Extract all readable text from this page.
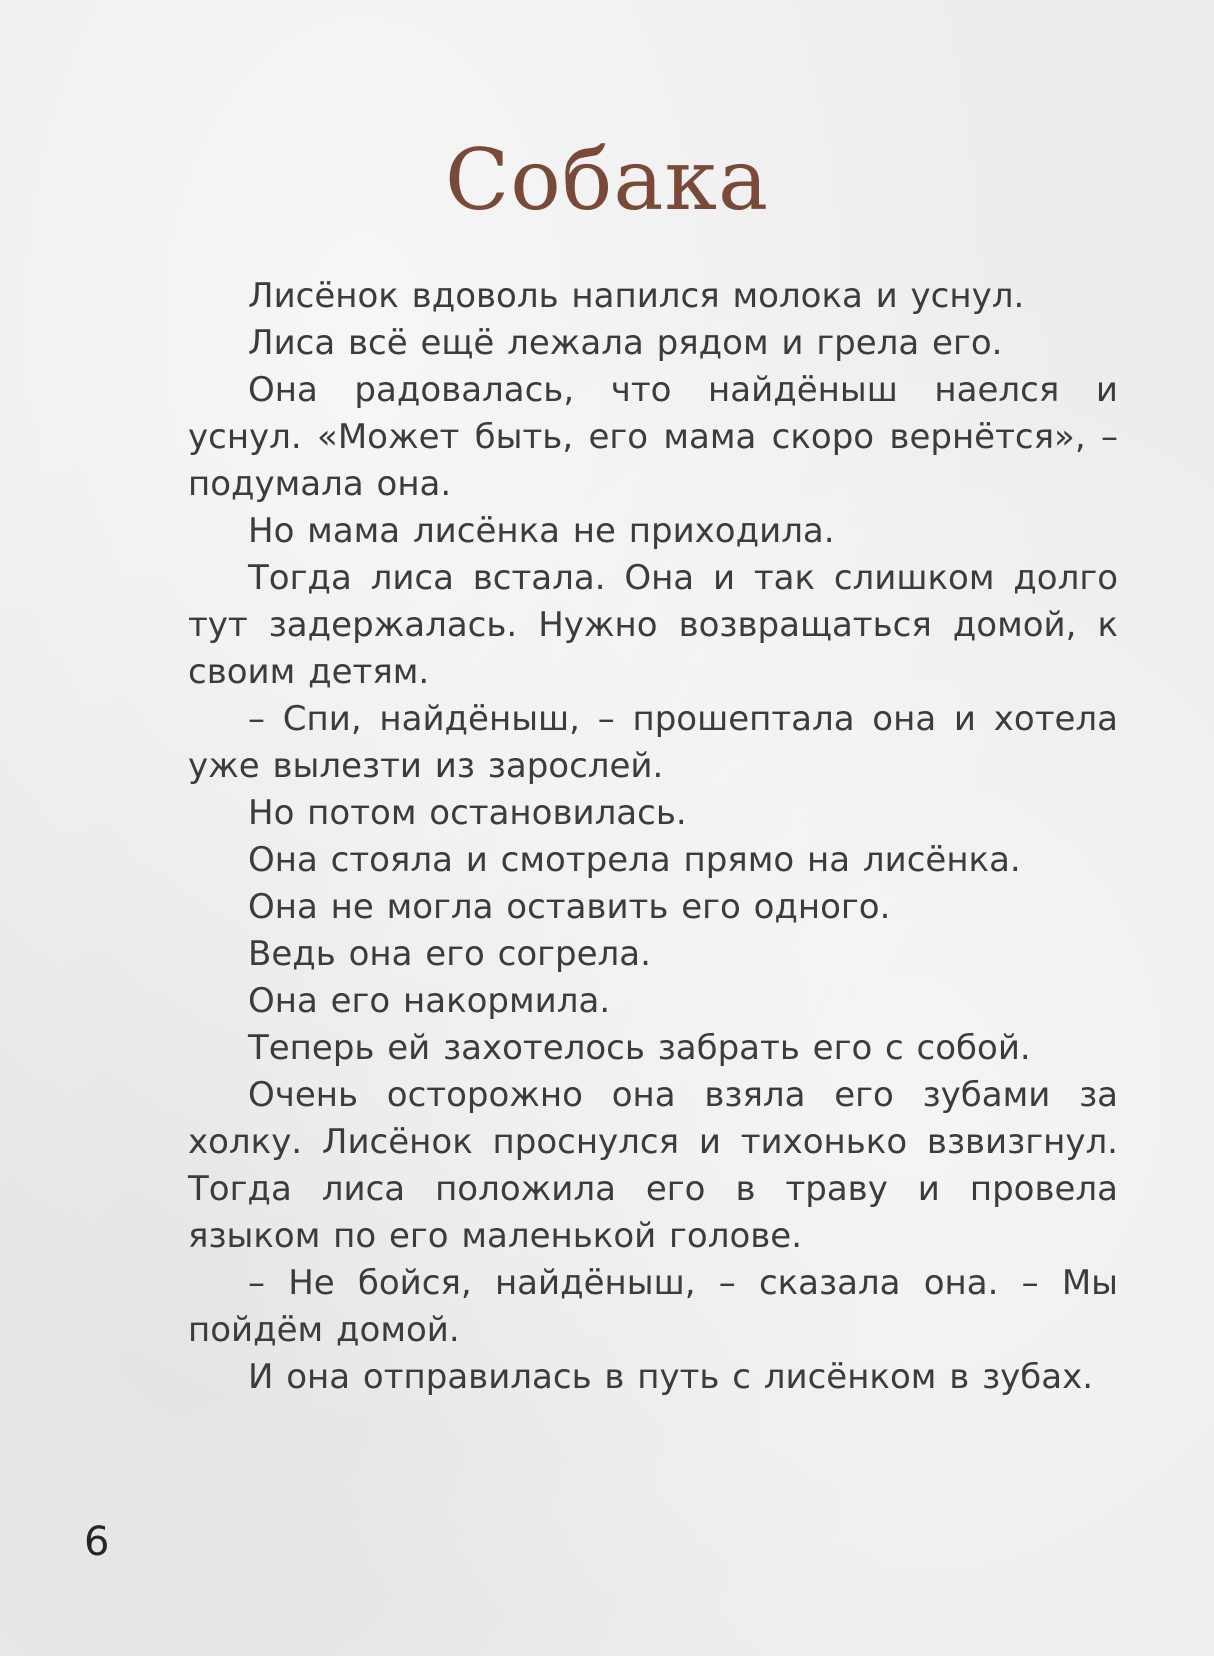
Собака

Лисёнок вдоволь напился молока и уснул.

Лиса всё ещё лежала рядом и грела его.

Она радовалась, что найдёныш наелся и уснул. «Может быть, его мама скоро вернётся», – подумала она.

Но мама лисёнка не приходила.

Тогда лиса встала. Она и так слишком долго тут задержалась. Нужно возвращаться домой, к своим детям.

– Спи, найдёныш, – прошептала она и хотела уже вылезти из зарослей.

Но потом остановилась.

Она стояла и смотрела прямо на лисёнка.

Она не могла оставить его одного.

Ведь она его согрела.

Она его накормила.

Теперь ей захотелось забрать его с собой.

Очень осторожно она взяла его зубами за холку. Лисёнок проснулся и тихонько взвизгнул. Тогда лиса положила его в траву и провела языком по его маленькой голове.

– Не бойся, найдёныш, – сказала она. – Мы пойдём домой.

И она отправилась в путь с лисёнком в зубах.

6
